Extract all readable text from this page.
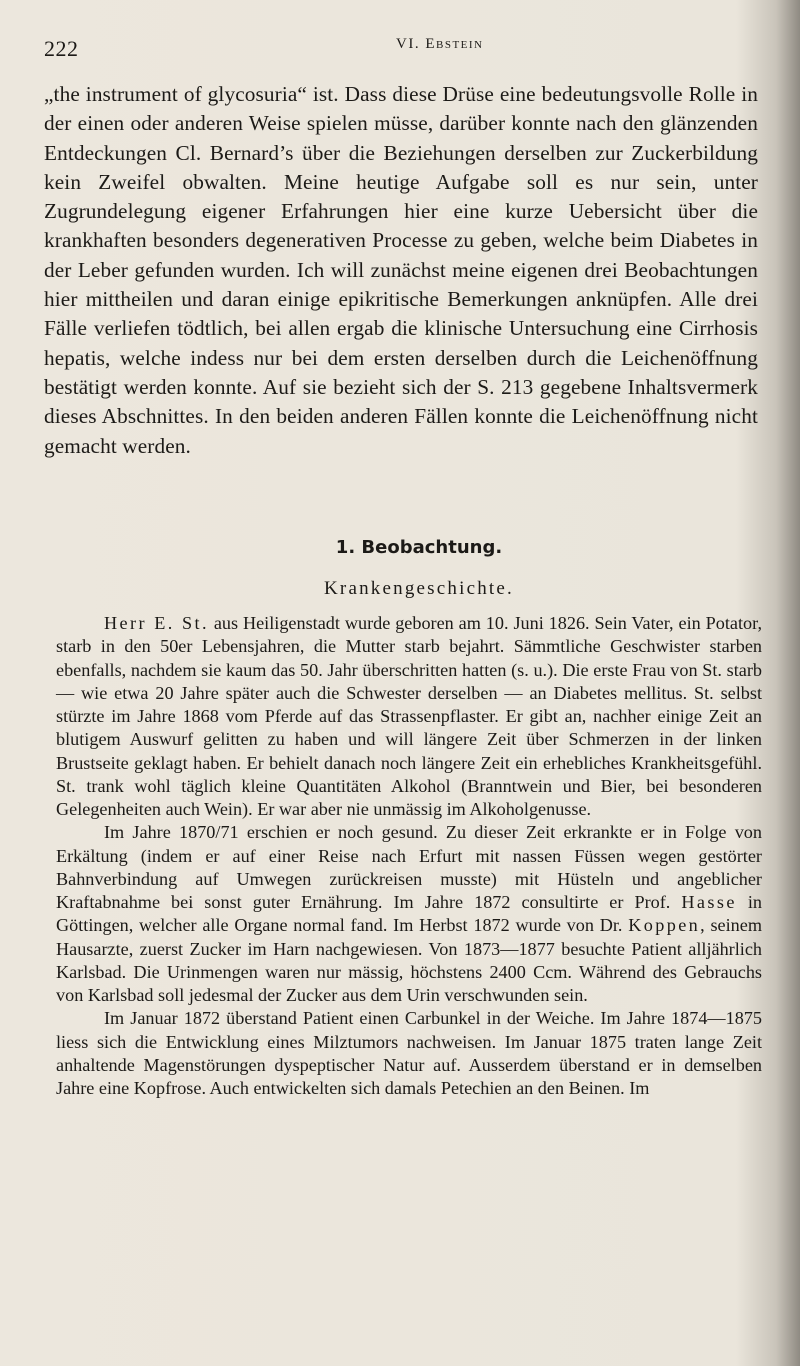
222	VI. Ebstein

„the instrument of glycosuria“ ist. Dass diese Drüse eine bedeutungsvolle Rolle in der einen oder anderen Weise spielen müsse, darüber konnte nach den glänzenden Entdeckungen Cl. Bernard’s über die Beziehungen derselben zur Zuckerbildung kein Zweifel obwalten. Meine heutige Aufgabe soll es nur sein, unter Zugrundelegung eigener Erfahrungen hier eine kurze Uebersicht über die krankhaften besonders degenerativen Processe zu geben, welche beim Diabetes in der Leber gefunden wurden. Ich will zunächst meine eigenen drei Beobachtungen hier mittheilen und daran einige epikritische Bemerkungen anknüpfen. Alle drei Fälle verliefen tödtlich, bei allen ergab die klinische Untersuchung eine Cirrhosis hepatis, welche indess nur bei dem ersten derselben durch die Leichenöffnung bestätigt werden konnte. Auf sie bezieht sich der S. 213 gegebene Inhaltsvermerk dieses Abschnittes. In den beiden anderen Fällen konnte die Leichenöffnung nicht gemacht werden.

1. Beobachtung.
Krankengeschichte.

Herr E. St. aus Heiligenstadt wurde geboren am 10. Juni 1826. Sein Vater, ein Potator, starb in den 50er Lebensjahren, die Mutter starb bejahrt. Sämmtliche Geschwister starben ebenfalls, nachdem sie kaum das 50. Jahr überschritten hatten (s. u.). Die erste Frau von St. starb — wie etwa 20 Jahre später auch die Schwester derselben — an Diabetes mellitus. St. selbst stürzte im Jahre 1868 vom Pferde auf das Strassenpflaster. Er gibt an, nachher einige Zeit an blutigem Auswurf gelitten zu haben und will längere Zeit über Schmerzen in der linken Brustseite geklagt haben. Er behielt danach noch längere Zeit ein erhebliches Krankheitsgefühl. St. trank wohl täglich kleine Quantitäten Alkohol (Branntwein und Bier, bei besonderen Gelegenheiten auch Wein). Er war aber nie unmässig im Alkoholgenusse.

Im Jahre 1870/71 erschien er noch gesund. Zu dieser Zeit erkrankte er in Folge von Erkältung (indem er auf einer Reise nach Erfurt mit nassen Füssen wegen gestörter Bahnverbindung auf Umwegen zurückreisen musste) mit Hüsteln und angeblicher Kraftabnahme bei sonst guter Ernährung. Im Jahre 1872 consultirte er Prof. Hasse in Göttingen, welcher alle Organe normal fand. Im Herbst 1872 wurde von Dr. Koppen, seinem Hausarzte, zuerst Zucker im Harn nachgewiesen. Von 1873—1877 besuchte Patient alljährlich Karlsbad. Die Urinmengen waren nur mässig, höchstens 2400 Ccm. Während des Gebrauchs von Karlsbad soll jedesmal der Zucker aus dem Urin verschwunden sein.

Im Januar 1872 überstand Patient einen Carbunkel in der Weiche. Im Jahre 1874—1875 liess sich die Entwicklung eines Milztumors nachweisen. Im Januar 1875 traten lange Zeit anhaltende Magenstörungen dyspeptischer Natur auf. Ausserdem überstand er in demselben Jahre eine Kopfrose. Auch entwickelten sich damals Petechien an den Beinen. Im
